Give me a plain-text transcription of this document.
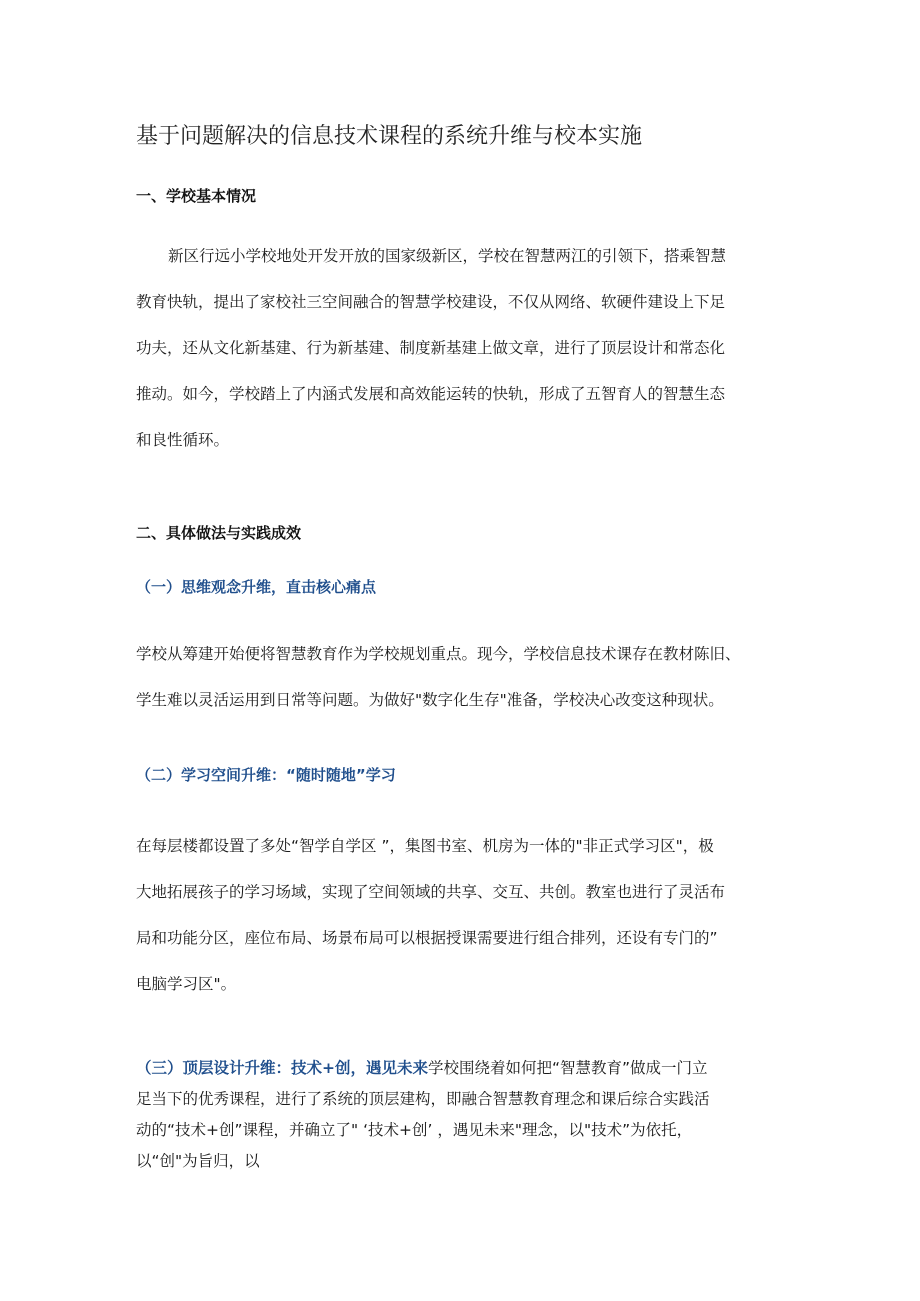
基于问题解决的信息技术课程的系统升维与校本实施
一、学校基本情况
新区行远小学校地处开发开放的国家级新区，学校在智慧两江的引领下，搭乘智慧
教育快轨，提出了家校社三空间融合的智慧学校建设，不仅从网络、软硬件建设上下足
功夫，还从文化新基建、行为新基建、制度新基建上做文章，进行了顶层设计和常态化
推动。如今，学校踏上了内涵式发展和高效能运转的快轨，形成了五智育人的智慧生态
和良性循环。
二、具体做法与实践成效
（一）思维观念升维，直击核心痛点
学校从筹建开始便将智慧教育作为学校规划重点。现今，学校信息技术课存在教材陈旧、
学生难以灵活运用到日常等问题。为做好"数字化生存"准备，学校决心改变这种现状。
（二）学习空间升维：“随时随地”学习
在每层楼都设置了多处“智学自学区 ”，集图书室、机房为一体的"非正式学习区"，极
大地拓展孩子的学习场域，实现了空间领域的共享、交互、共创。教室也进行了灵活布
局和功能分区，座位布局、场景布局可以根据授课需要进行组合排列，还设有专门的”
电脑学习区"。
（三）顶层设计升维：技术+创，遇见未来学校围绕着如何把“智慧教育”做成一门立
足当下的优秀课程，进行了系统的顶层建构，即融合智慧教育理念和课后综合实践活
动的“技术+创”课程，并确立了" ‘技术+创’ ，遇见未来"理念，以"技术”为依托，
以“创"为旨归，以
